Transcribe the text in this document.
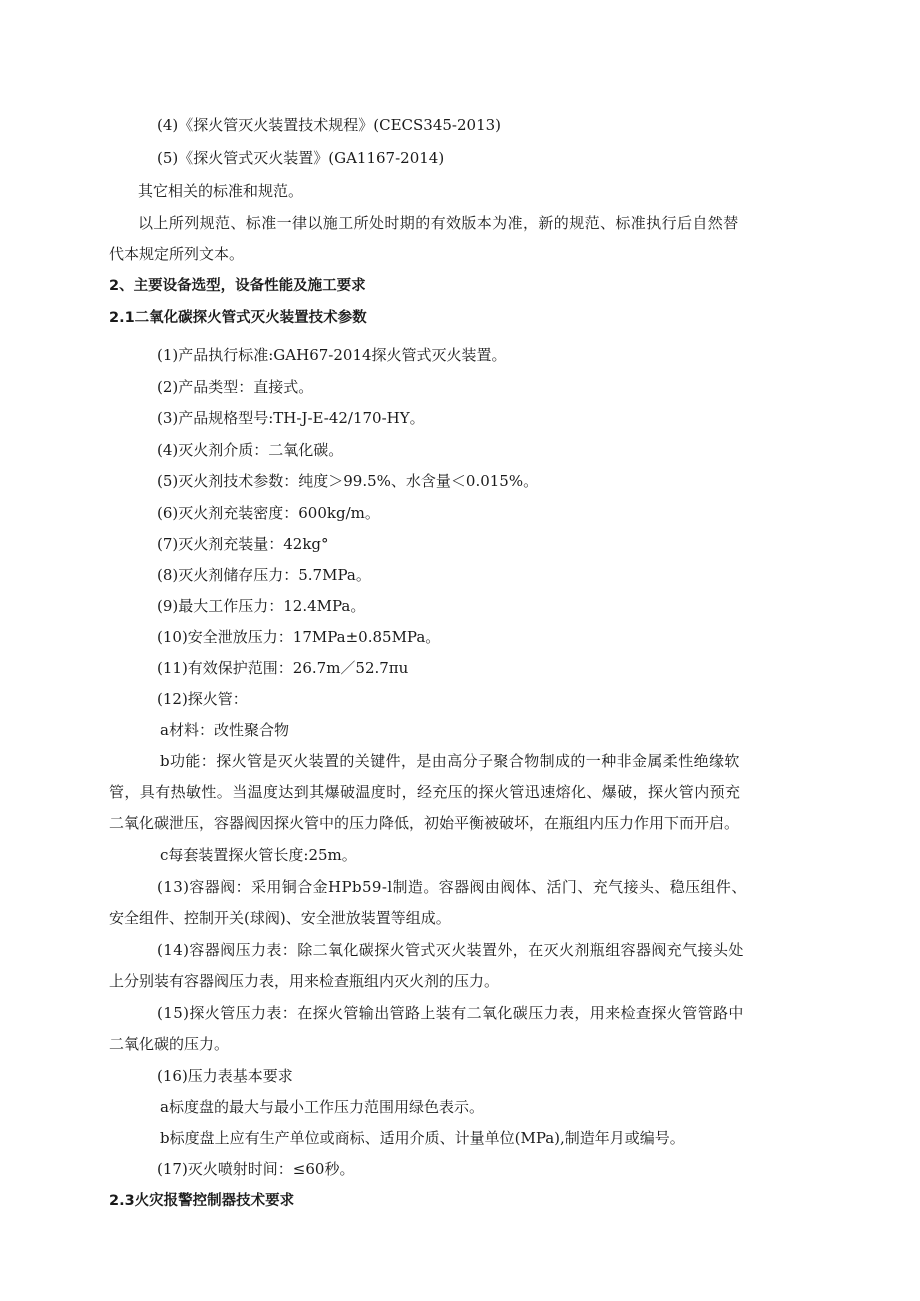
(4)《探火管灭火装置技术规程》(CECS345-2013)
(5)《探火管式灭火装置》(GA1167-2014)
其它相关的标准和规范。
以上所列规范、标准一律以施工所处时期的有效版本为准，新的规范、标准执行后自然替
代本规定所列文本。
2、主要设备选型，设备性能及施工要求
2.1二氧化碳探火管式灭火装置技术参数
(1)产品执行标准:GAH67-2014探火管式灭火装置。
(2)产品类型：直接式。
(3)产品规格型号:TH-J-E-42/170-HY。
(4)灭火剂介质：二氧化碳。
(5)灭火剂技术参数：纯度＞99.5%、水含量＜0.015%。
(6)灭火剂充装密度：600kg/m。
(7)灭火剂充装量：42kg°
(8)灭火剂储存压力：5.7MPa。
(9)最大工作压力：12.4MPa。
(10)安全泄放压力：17MPa±0.85MPa。
(11)有效保护范围：26.7m／52.7πu
(12)探火管：
a材料：改性聚合物
b功能：探火管是灭火装置的关键件，是由高分子聚合物制成的一种非金属柔性绝缘软
管，具有热敏性。当温度达到其爆破温度时，经充压的探火管迅速熔化、爆破，探火管内预充
二氧化碳泄压，容器阀因探火管中的压力降低，初始平衡被破坏，在瓶组内压力作用下而开启。
c每套装置探火管长度:25m。
(13)容器阀：采用铜合金HPb59-l制造。容器阀由阀体、活门、充气接头、稳压组件、
安全组件、控制开关(球阀)、安全泄放装置等组成。
(14)容器阀压力表：除二氧化碳探火管式灭火装置外，在灭火剂瓶组容器阀充气接头处
上分别装有容器阀压力表，用来检查瓶组内灭火剂的压力。
(15)探火管压力表：在探火管输出管路上装有二氧化碳压力表，用来检查探火管管路中
二氧化碳的压力。
(16)压力表基本要求
a标度盘的最大与最小工作压力范围用绿色表示。
b标度盘上应有生产单位或商标、适用介质、计量单位(MPa),制造年月或编号。
(17)灭火喷射时间：≤60秒。
2.3火灾报警控制器技术要求
